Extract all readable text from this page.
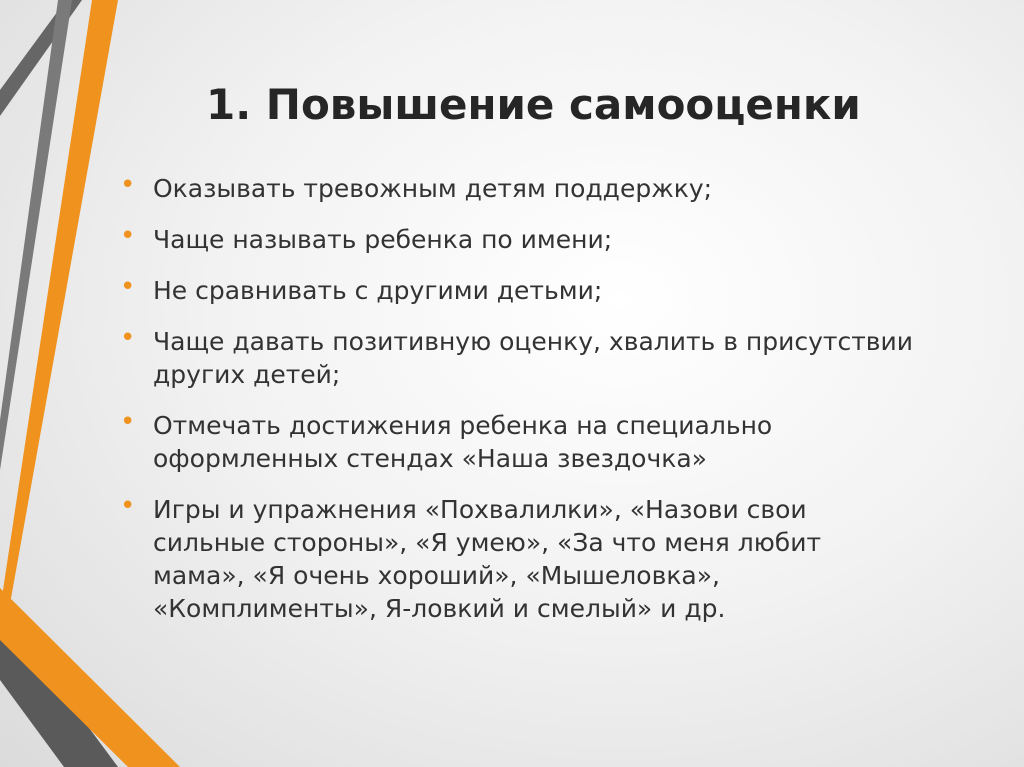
1. Повышение самооценки
• Оказывать тревожным детям поддержку;
• Чаще называть ребенка по имени;
• Не сравнивать с другими детьми;
• Чаще давать позитивную оценку, хвалить в присутствии других детей;
• Отмечать достижения ребенка на специально оформленных стендах «Наша звездочка»
• Игры и упражнения «Похвалилки», «Назови свои сильные стороны», «Я умею», «За что меня любит мама», «Я очень хороший», «Мышеловка», «Комплименты», Я-ловкий и смелый» и др.
